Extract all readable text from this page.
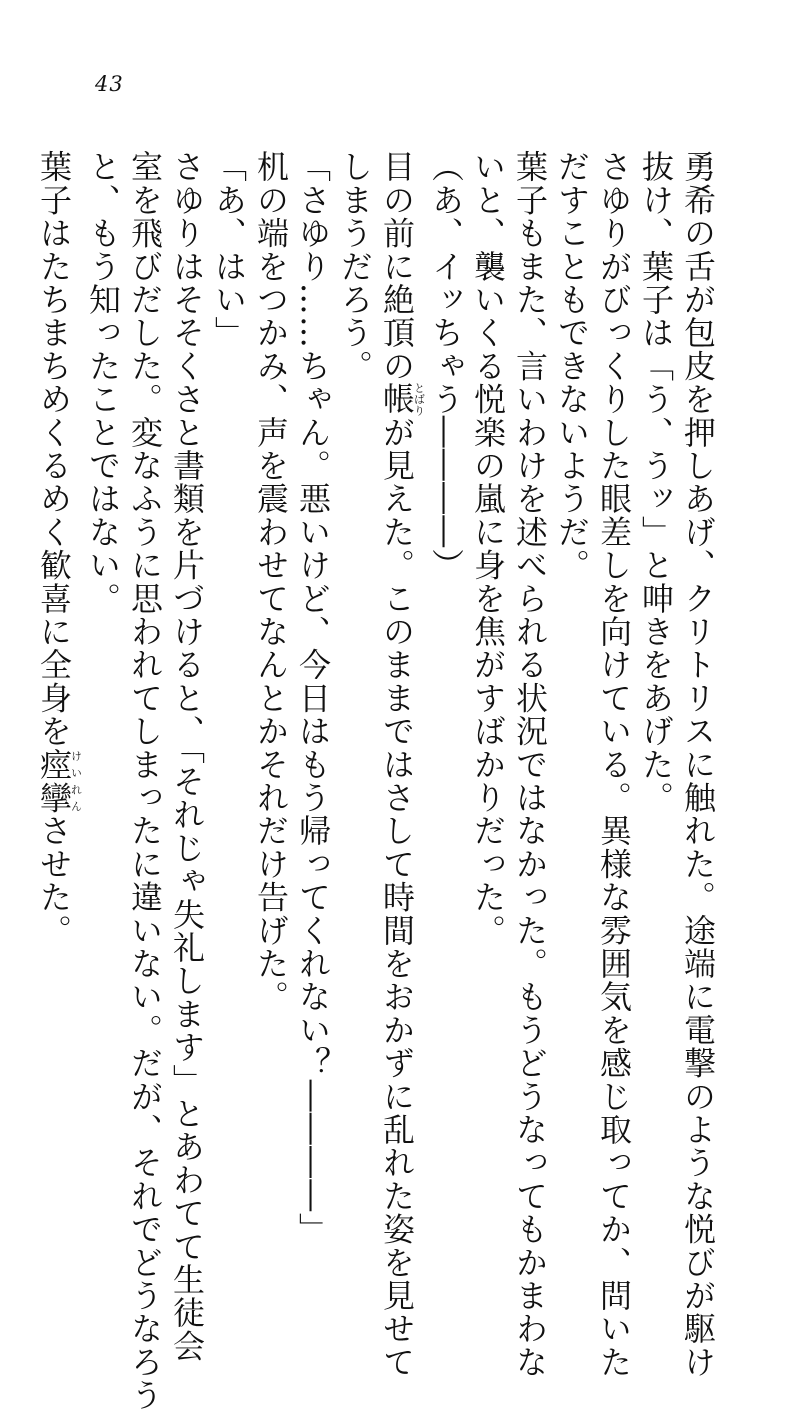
43
勇希の舌が包皮を押しあげ、クリトリスに触れた。途端に電撃のような悦びが駆け
抜け、葉子は「う、うッ」と呻きをあげた。
さゆりがびっくりした眼差しを向けている。異様な雰囲気を感じ取ってか、問いた
だすこともできないようだ。
葉子もまた、言いわけを述べられる状況ではなかった。もうどうなってもかまわな
いと、襲いくる悦楽の嵐に身を焦がすばかりだった。
（あ、イッちゃう――――）
目の前に絶頂の帳とばりが見えた。このままではさして時間をおかずに乱れた姿を見せて
しまうだろう。
「さゆり……ちゃん。悪いけど、今日はもう帰ってくれない？――――」
机の端をつかみ、声を震わせてなんとかそれだけ告げた。
「あ、はい」
さゆりはそそくさと書類を片づけると、「それじゃ失礼します」とあわてて生徒会
室を飛びだした。変なふうに思われてしまったに違いない。だが、それでどうなろう
と、もう知ったことではない。
葉子はたちまちめくるめく歓喜に全身を痙攣けいれんさせた。
